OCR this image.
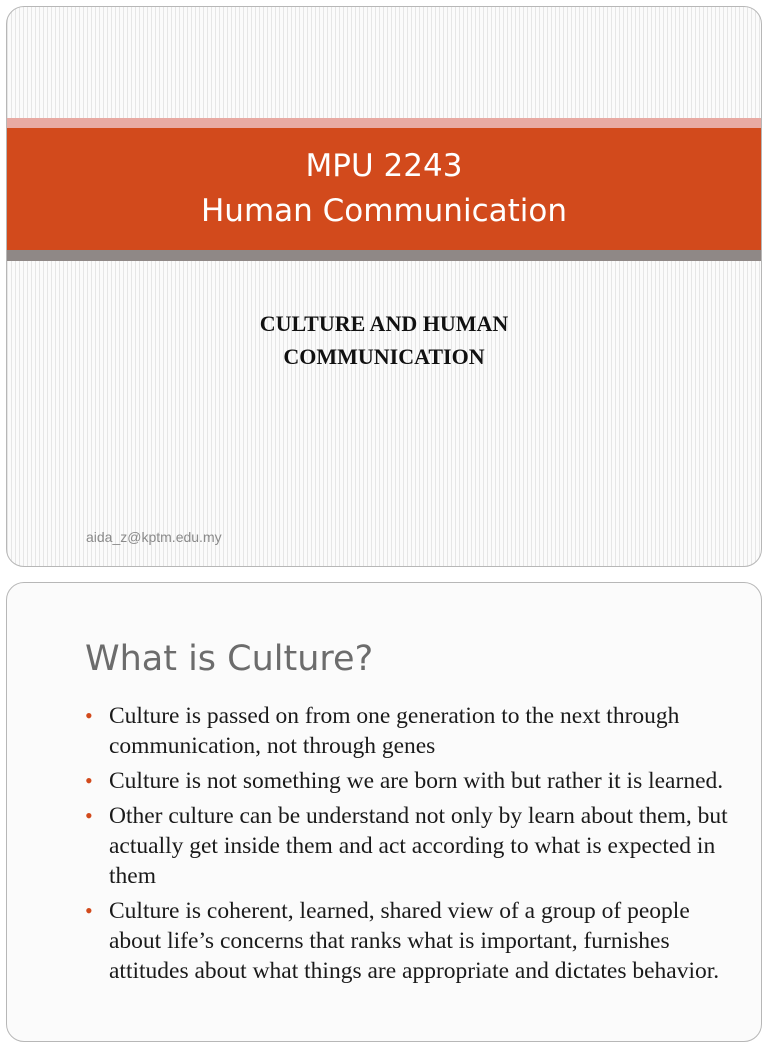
MPU 2243
Human Communication
CULTURE AND HUMAN
COMMUNICATION
aida_z@kptm.edu.my
What is Culture?
• Culture is passed on from one generation to the next through communication, not through genes
• Culture is not something we are born with but rather it is learned.
• Other culture can be understand not only by learn about them, but actually get inside them and act according to what is expected in them
• Culture is coherent, learned, shared view of a group of people about life’s concerns that ranks what is important, furnishes attitudes about what things are appropriate and dictates behavior.
